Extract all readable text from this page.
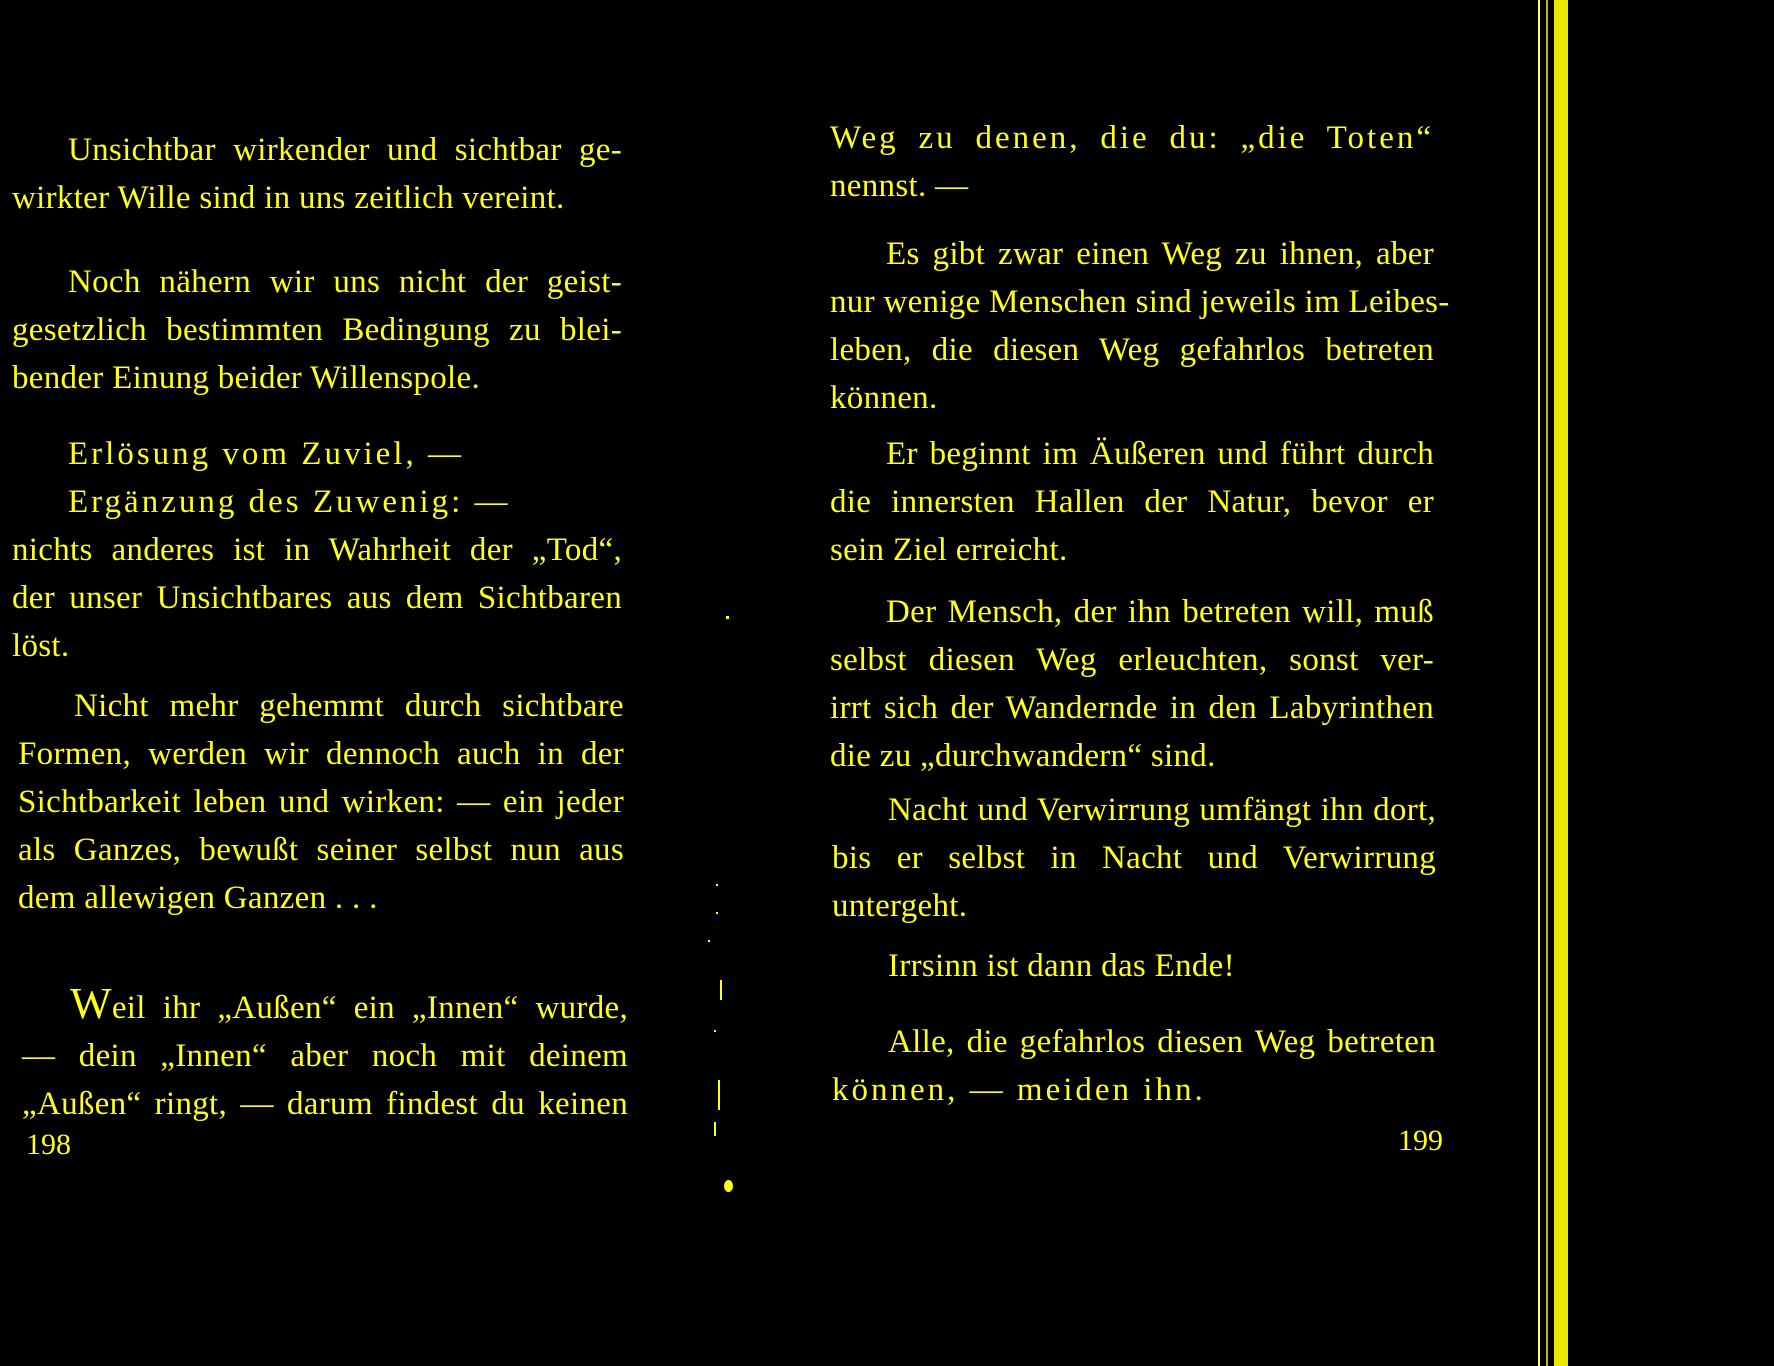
Unsichtbar wirkender und sichtbar ge-
wirkter Wille sind in uns zeitlich vereint.
Noch nähern wir uns nicht der geist-
gesetzlich bestimmten Bedingung zu blei-
bender Einung beider Willenspole.
Erlösung vom Zuviel, —
Ergänzung des Zuwenig: —
nichts anderes ist in Wahrheit der „Tod“,
der unser Unsichtbares aus dem Sichtbaren
löst.
Nicht mehr gehemmt durch sichtbare
Formen, werden wir dennoch auch in der
Sichtbarkeit leben und wirken: — ein jeder
als Ganzes, bewußt seiner selbst nun aus
dem allewigen Ganzen . . .
Weil ihr „Außen“ ein „Innen“ wurde,
— dein „Innen“ aber noch mit deinem
„Außen“ ringt, — darum findest du keinen
198
Weg zu denen, die du: „die Toten“
nennst. —
Es gibt zwar einen Weg zu ihnen, aber
nur wenige Menschen sind jeweils im Leibes-
leben, die diesen Weg gefahrlos betreten
können.
Er beginnt im Äußeren und führt durch
die innersten Hallen der Natur, bevor er
sein Ziel erreicht.
Der Mensch, der ihn betreten will, muß
selbst diesen Weg erleuchten, sonst ver-
irrt sich der Wandernde in den Labyrinthen
die zu „durchwandern“ sind.
Nacht und Verwirrung umfängt ihn dort,
bis er selbst in Nacht und Verwirrung
untergeht.
Irrsinn ist dann das Ende!
Alle, die gefahrlos diesen Weg betreten
können, — meiden ihn.
199
